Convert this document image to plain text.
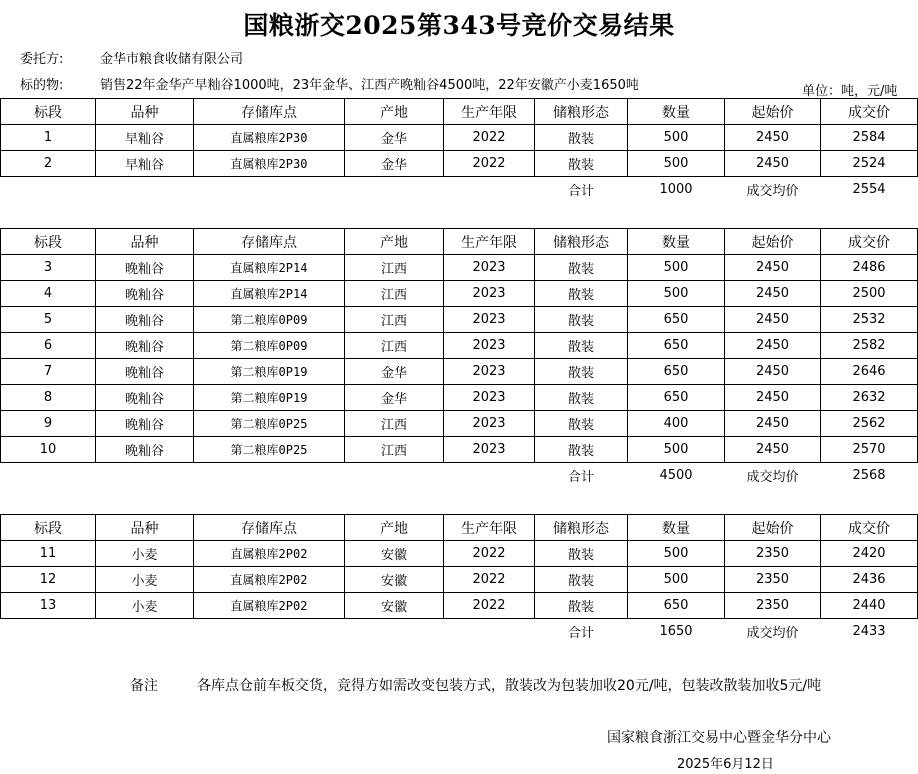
国粮浙交2025第343号竞价交易结果
委托方:	金华市粮食收储有限公司
标的物:	销售22年金华产早籼谷1000吨，23年金华、江西产晚籼谷4500吨，22年安徽产小麦1650吨	单位：吨，元/吨
标段	品种	存储库点	产地	生产年限	储粮形态	数量	起始价	成交价
1	早籼谷	直属粮库2P30	金华	2022	散装	500	2450	2584
2	早籼谷	直属粮库2P30	金华	2022	散装	500	2450	2524
					合计	1000	成交均价	2554
标段	品种	存储库点	产地	生产年限	储粮形态	数量	起始价	成交价
3	晚籼谷	直属粮库2P14	江西	2023	散装	500	2450	2486
4	晚籼谷	直属粮库2P14	江西	2023	散装	500	2450	2500
5	晚籼谷	第二粮库0P09	江西	2023	散装	650	2450	2532
6	晚籼谷	第二粮库0P09	江西	2023	散装	650	2450	2582
7	晚籼谷	第二粮库0P19	金华	2023	散装	650	2450	2646
8	晚籼谷	第二粮库0P19	金华	2023	散装	650	2450	2632
9	晚籼谷	第二粮库0P25	江西	2023	散装	400	2450	2562
10	晚籼谷	第二粮库0P25	江西	2023	散装	500	2450	2570
					合计	4500	成交均价	2568
标段	品种	存储库点	产地	生产年限	储粮形态	数量	起始价	成交价
11	小麦	直属粮库2P02	安徽	2022	散装	500	2350	2420
12	小麦	直属粮库2P02	安徽	2022	散装	500	2350	2436
13	小麦	直属粮库2P02	安徽	2022	散装	650	2350	2440
					合计	1650	成交均价	2433
备注	各库点仓前车板交货，竞得方如需改变包装方式，散装改为包装加收20元/吨，包装改散装加收5元/吨
国家粮食浙江交易中心暨金华分中心
2025年6月12日
